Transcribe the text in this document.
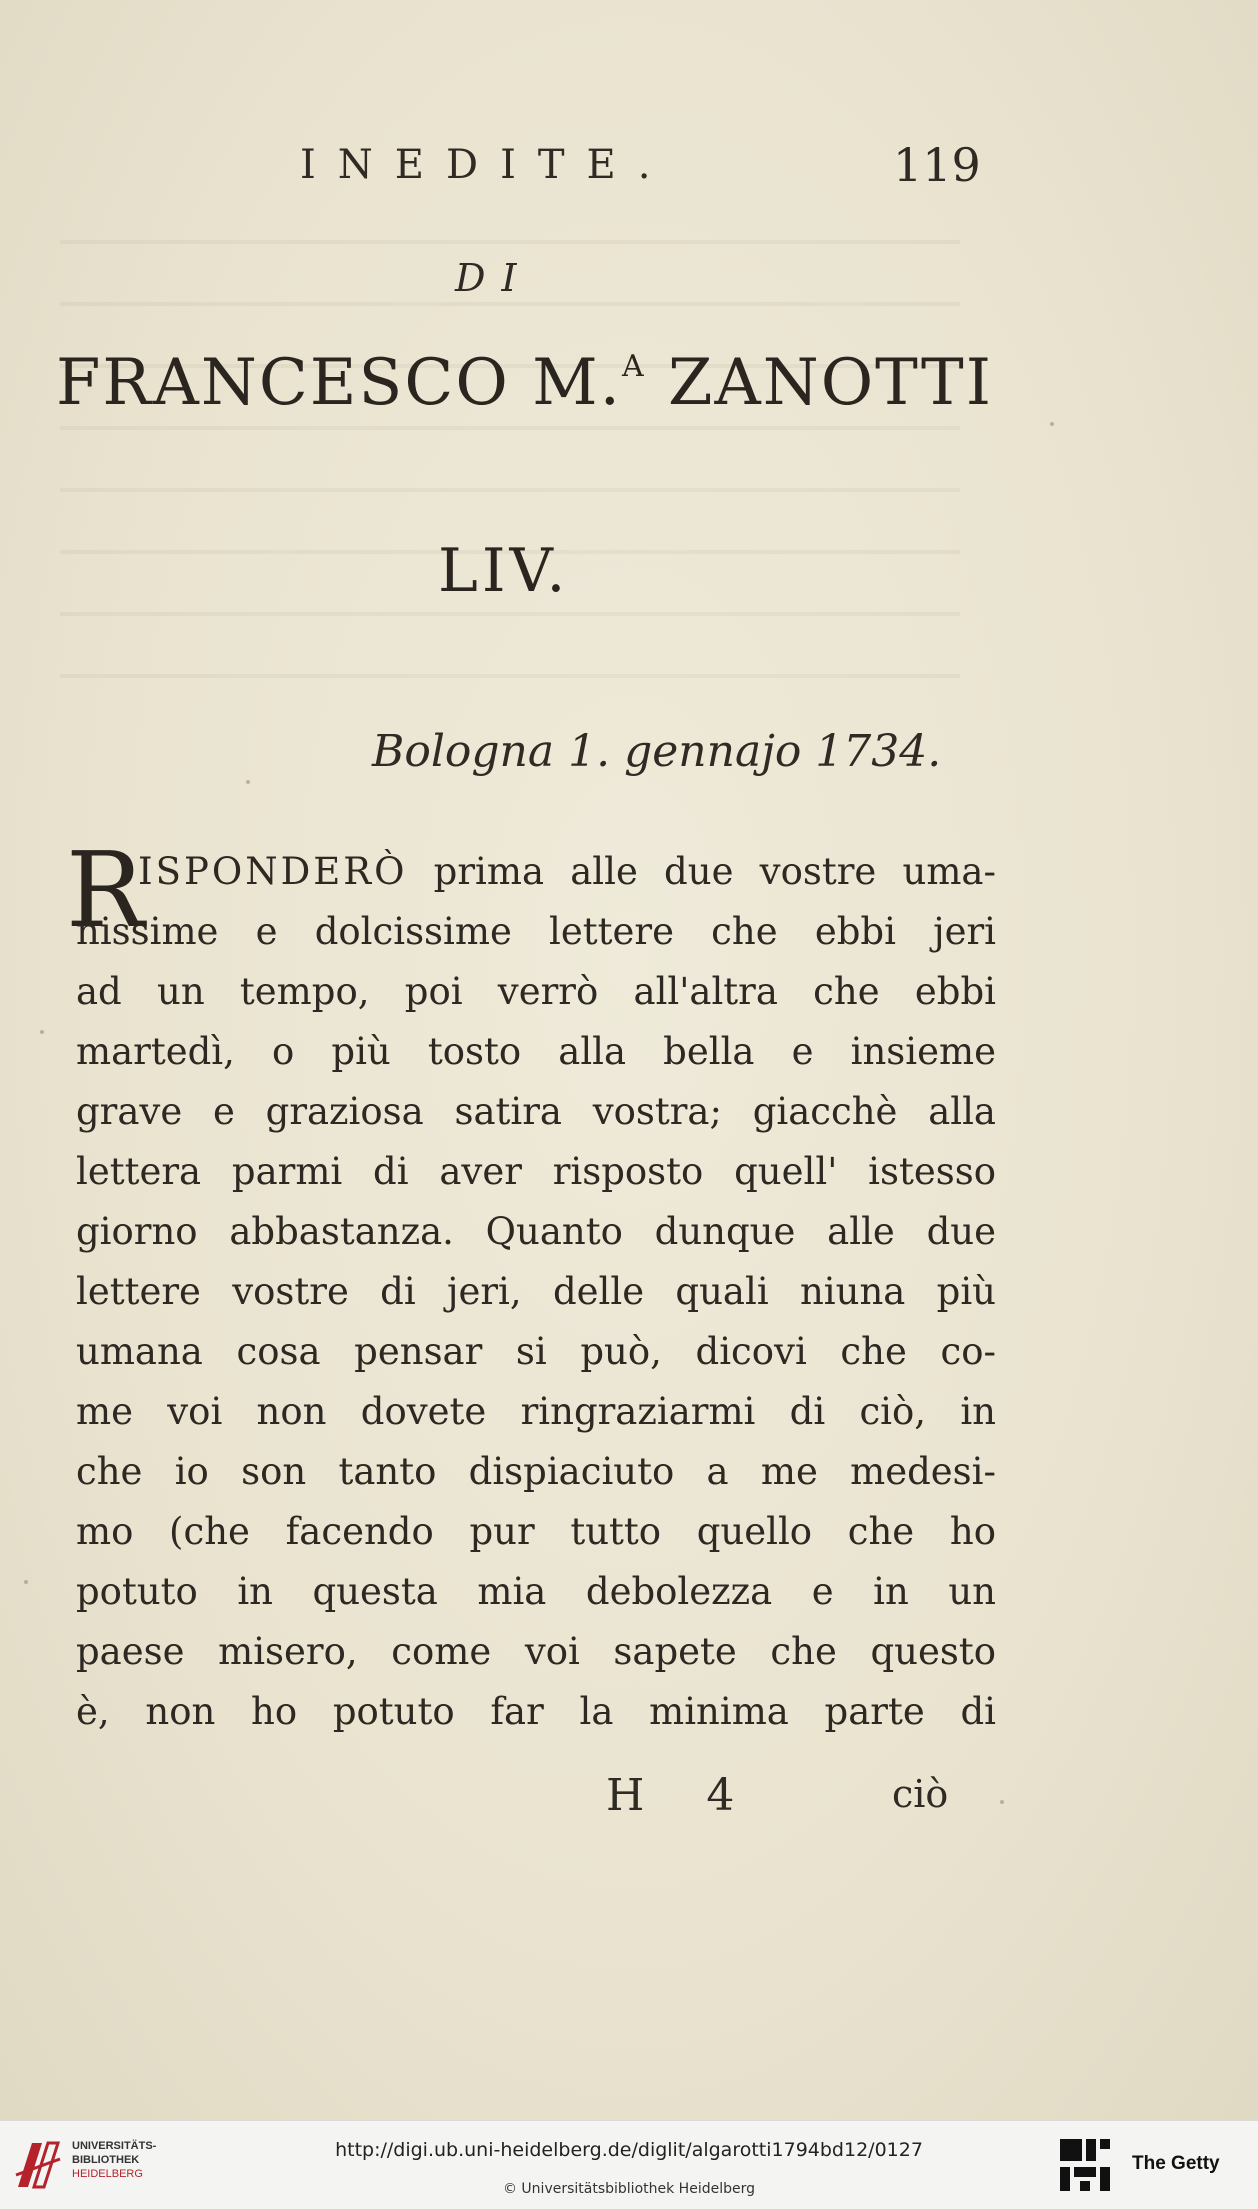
INEDITE.	119
DI
FRANCESCO M.$^A$ ZANOTTI
LIV.
Bologna 1. gennajo 1734.
R
ISPONDERÒ prima alle due vostre uma-
nissime e dolcissime lettere che ebbi jeri
ad un tempo, poi verrò all'altra che ebbi
martedì, o più tosto alla bella e insieme
grave e graziosa satira vostra; giacchè alla
lettera parmi di aver risposto quell' istesso
giorno abbastanza. Quanto dunque alle due
lettere vostre di jeri, delle quali niuna più
umana cosa pensar si può, dicovi che co-
me voi non dovete ringraziarmi di ciò, in
che io son tanto dispiaciuto a me medesi-
mo (che facendo pur tutto quello che ho
potuto in questa mia debolezza e in un
paese misero, come voi sapete che questo
è, non ho potuto far la minima parte di
H 4	ciò
UNIVERSITÄTS-
BIBLIOTHEK
HEIDELBERG
http://digi.ub.uni-heidelberg.de/diglit/algarotti1794bd12/0127
© Universitätsbibliothek Heidelberg
The Getty
